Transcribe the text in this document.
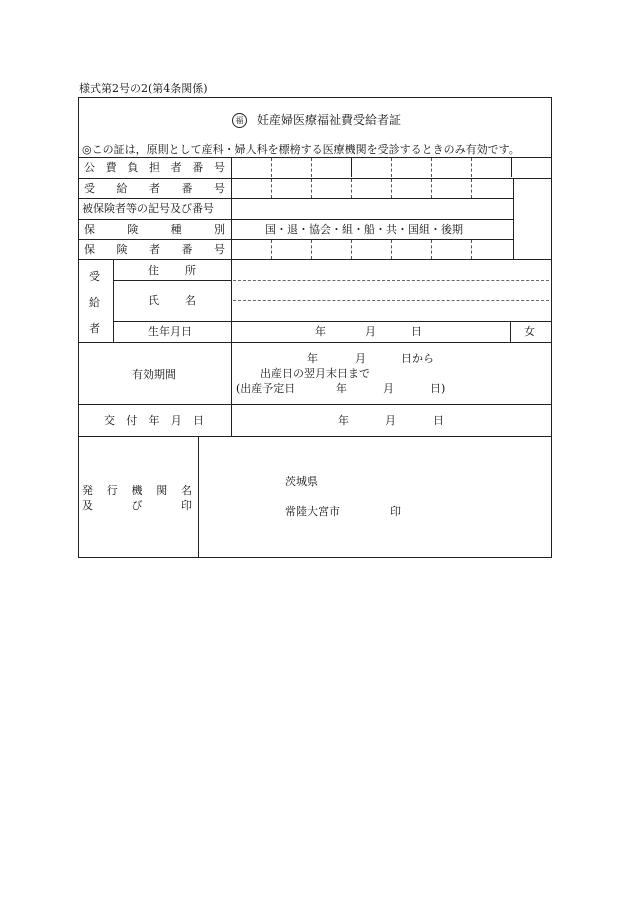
様式第2号の2(第4条関係)
福 妊産婦医療福祉費受給者証
◎この証は，原則として産科・婦人科を標榜する医療機関を受診するときのみ有効です。
公 費 負 担 者 番 号
受 給 者 番 号
被保険者等の記号及び番号
保	険	種	別	国・退・協会・組・船・共・国組・後期
保 険 者 番 号
受
給
者
住 所
氏 名
生年月日	年	月	日	女
有効期間
年	月	日から
出産日の翌月末日まで
(出産予定日	年	月	日)
交 付 年 月 日	年	月	日
発 行 機 関 名
及	び	印
茨城県
常陸大宮市	印
